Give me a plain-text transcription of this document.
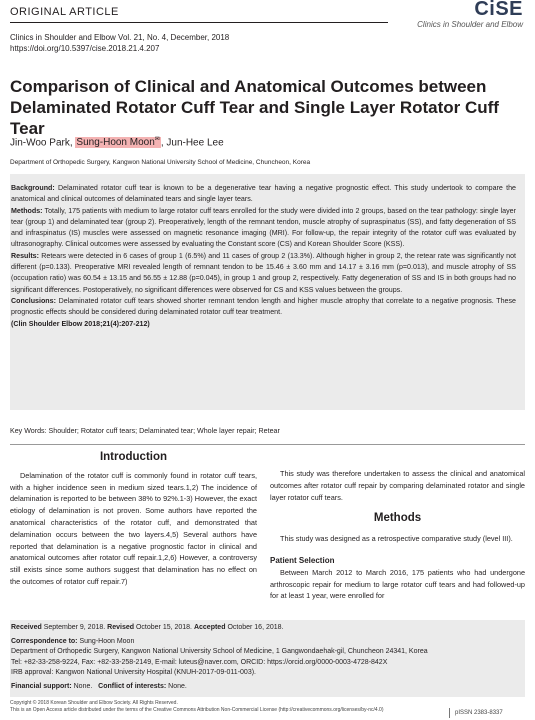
ORIGINAL ARTICLE	CiSE
Clinics in Shoulder and Elbow
Clinics in Shoulder and Elbow Vol. 21, No. 4, December, 2018
https://doi.org/10.5397/cise.2018.21.4.207
Comparison of Clinical and Anatomical Outcomes between
Delaminated Rotator Cuff Tear and Single Layer Rotator Cuff Tear
Jin-Woo Park, Sung-Hoon Moon✉, Jun-Hee Lee
Department of Orthopedic Surgery, Kangwon National University School of Medicine, Chuncheon, Korea

Background: Delaminated rotator cuff tear is known to be a degenerative tear having a negative prognostic effect. This study undertook to compare the anatomical and clinical outcomes of delaminated tears and single layer tears.

Methods: Totally, 175 patients with medium to large rotator cuff tears enrolled for the study were divided into 2 groups, based on the tear pathology: single layer tear (group 1) and delaminated tear (group 2). Preoperatively, length of the remnant tendon, muscle atrophy of supraspinatus (SS), and fatty degeneration of SS and infraspinatus (IS) muscles were assessed on magnetic resonance imaging (MRI). For follow-up, the repair integrity of the rotator cuff was evaluated by ultrasonography. Clinical outcomes were assessed by evaluating the Constant score (CS) and Korean Shoulder Score (KSS).

Results: Retears were detected in 6 cases of group 1 (6.5%) and 11 cases of group 2 (13.3%). Although higher in group 2, the retear rate was significantly not different (p=0.133). Preoperative MRI revealed length of remnant tendon to be 15.46 ± 3.60 mm and 14.17 ± 3.16 mm (p=0.013), and muscle atrophy of SS (occupation ratio) was 60.54 ± 13.15 and 56.55 ± 12.88 (p=0.045), in group 1 and group 2, respectively. Fatty degeneration of SS and IS in both groups had no significant differences. Postoperatively, no significant differences were observed for CS and KSS values between the groups.

Conclusions: Delaminated rotator cuff tears showed shorter remnant tendon length and higher muscle atrophy that correlate to a negative prognosis. These prognostic effects should be considered during delaminated rotator cuff tear treatment.

(Clin Shoulder Elbow 2018;21(4):207-212)

Key Words: Shoulder; Rotator cuff tears; Delaminated tear; Whole layer repair; Retear
Introduction

Delamination of the rotator cuff is commonly found in rotator cuff tears, with a higher incidence seen in medium sized tears.1,2) The incidence of delamination is reported to be between 38% to 92%.1-3) However, the exact etiology of delamination is not proven. Some authors have reported the anatomical characteristics of the rotator cuff, and demonstrated that delamination occurs between the two layers.4,5) Several authors have reported that delamination is a negative prognostic factor in clinical and anatomical outcomes after rotator cuff repair.1,2,6) However, a controversy still exists since some authors suggest that delamination has no effect on the outcomes of rotator cuff repair.7)

This study was therefore undertaken to assess the clinical and anatomical outcomes after rotator cuff repair by comparing delaminated rotator and single layer rotator cuff tears.

Methods

This study was designed as a retrospective comparative study (level III).

Patient Selection

Between March 2012 to March 2016, 175 patients who had undergone arthroscopic repair for medium to large rotator cuff tears and had followed-up for at least 1 year, were enrolled for

Received September 9, 2018. Revised October 15, 2018. Accepted October 16, 2018.

Correspondence to: Sung-Hoon Moon

Department of Orthopedic Surgery, Kangwon National University School of Medicine, 1 Gangwondaehak-gil, Chuncheon 24341, Korea

Tel: +82-33-258-9224, Fax: +82-33-258-2149, E-mail: luteus@naver.com, ORCID: https://orcid.org/0000-0003-4728-842X

IRB approval: Kangwon National University Hospital (KNUH-2017-09-011-003).

Financial support: None. Conflict of interests: None.

Copyright © 2018 Korean Shoulder and Elbow Society. All Rights Reserved.
This is an Open Access article distributed under the terms of the Creative Commons Attribution Non-Commercial License (http://creativecommons.org/licenses/by-nc/4.0)	pISSN 2383-8337
